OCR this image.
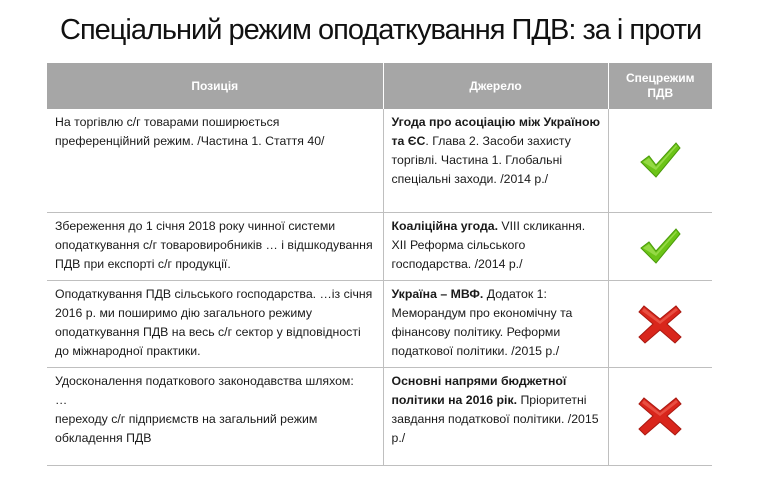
Спеціальний режим оподаткування ПДВ: за і проти
Позиція	Джерело	Спецрежим ПДВ
На торгівлю с/г товарами поширюється преференційний режим. /Частина 1. Стаття 40/	Угода про асоціацію між Україною та ЄС. Глава 2. Засоби захисту торгівлі. Частина 1. Глобальні спеціальні заходи. /2014 р./	

Збереження до 1 січня 2018 року чинної системи оподаткування с/г товаровиробників … і відшкодування ПДВ при експорті с/г продукції.	Коаліційна угода. VIII скликання. XII Реформа сільського господарства. /2014 р./	

Оподаткування ПДВ сільського господарства. …із січня 2016 р. ми поширимо дію загального режиму оподаткування ПДВ на весь с/г сектор у відповідності до міжнародної практики.	Україна – МВФ. Додаток 1: Меморандум про економічну та фінансову політику. Реформи податкової політики. /2015 р./	

Удосконалення податкового законодавства шляхом:
…
переходу с/г підприємств на загальний режим обкладення ПДВ	Основні напрями бюджетної політики на 2016 рік. Пріоритетні завдання податкової політики. /2015 р./	
